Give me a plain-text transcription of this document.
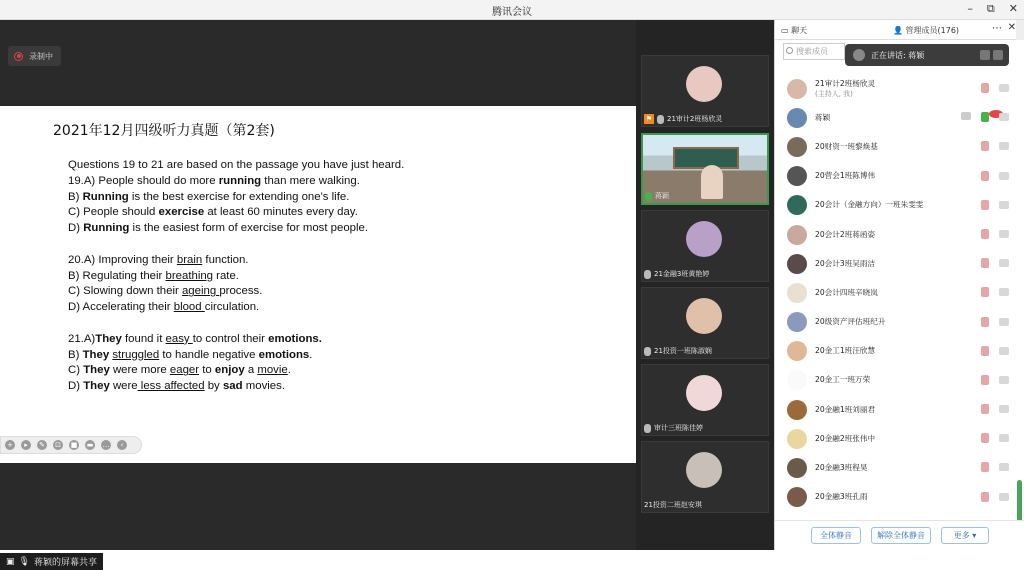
腾讯会议	– ⧉ ✕
录制中
2021年12月四级听力真题（第2套)

Questions 19 to 21 are based on the passage you have just heard.

19.A) People should do more running than mere walking.

B) Running is the best exercise for extending one's life.

C) People should exercise at least 60 minutes every day.

D) Running is the easiest form of exercise for most people.

20.A) Improving their brain function.

B) Regulating their breathing rate.

C) Slowing down their ageing process.

D) Accelerating their blood circulation.

21.A)They found it easy to control their emotions.

B) They struggled to handle negative emotions.

C) They were more eager to enjoy a movie.

D) They were less affected by sad movies.

+	▸	✎ ⊡ ■ ▬ …	‹
▣ 🎙 蒋颖的屏幕共享
⚑ 21审计2班杨欣灵
蒋颖
21金融3班黄艳婷
21投资一班陈淑娴
审计三班陈佳婷
21投资二班赵安琪
▭ 聊天	👤 管理成员(176)	⋯ ✕
搜索成员	正在讲话: 蒋颖
21审计2班杨欣灵
(主持人, 我)
蒋颖
20财资一班黎焕基
20营会1班陈博伟
20会计（金融方向）一班朱雯雯
20会计2班蒋函姿
20会计3班吴雨洁
20会计四班辛晓岚
20级资产评估班纪升
20金工1班汪欣慧
20金工一班万荣
20金融1班刘丽君
20金融2班张伟中
20金融3班程昊
20金融3班孔雨
全体静音	解除全体静音	更多 ▾
